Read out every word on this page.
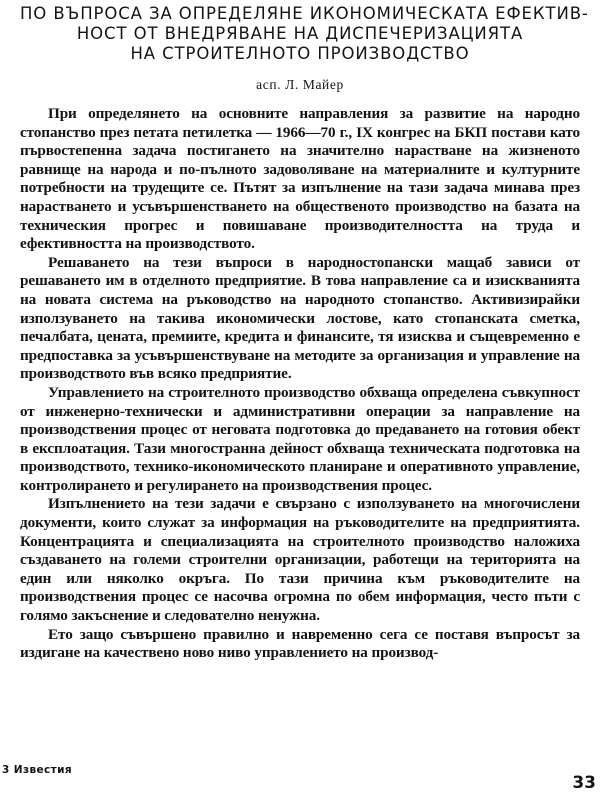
ПО ВЪПРОСА ЗА ОПРЕДЕЛЯНЕ ИКОНОМИЧЕСКАТА ЕФЕКТИВ-
НОСТ ОТ ВНЕДРЯВАНЕ НА ДИСПЕЧЕРИЗАЦИЯТА
НА СТРОИТЕЛНОТО ПРОИЗВОДСТВО
асп. Л. Майер

При определянето на основните направления за развитие на народно стопанство през петата петилетка — 1966—70 г., IX конгрес на БКП постави като първостепенна задача постигането на значително нарастване на жизненото равнище на народа и по-пълното задоволяване на материалните и културните потребности на трудещите се. Пътят за изпълнение на тази задача минава през нарастването и усъвършенстването на общественото производство на базата на техническия прогрес и повишаване производителността на труда и ефективността на производството.

Решаването на тези въпроси в народностопански мащаб зависи от решаването им в отделното предприятие. В това направление са и изискванията на новата система на ръководство на народното стопанство. Активизирайки използуването на такива икономически лостове, като стопанската сметка, печалбата, цената, премиите, кредита и финансите, тя изисква и същевременно е предпоставка за усъвършенствуване на методите за организация и управление на производството във всяко предприятие.

Управлението на строителното производство обхваща определена съвкупност от инженерно-технически и административни операции за направление на производствения процес от неговата подготовка до предаването на готовия обект в експлоатация. Тази многостранна дейност обхваща техническата подготовка на производството, технико-икономическото планиране и оперативното управление, контролирането и регулирането на производствения процес.

Изпълнението на тези задачи е свързано с използуването на многочислени документи, които служат за информация на ръководителите на предприятията. Концентрацията и специализацията на строителното производство наложиха създаването на големи строителни организации, работещи на територията на един или няколко окръга. По тази причина към ръководителите на производствения процес се насочва огромна по обем информация, често пъти с голямо закъснение и следователно ненужна.

Ето защо съвършено правилно и навременно сега се поставя въпросът за издигане на качествено ново ниво управлението на производ-

3 Известия
33
